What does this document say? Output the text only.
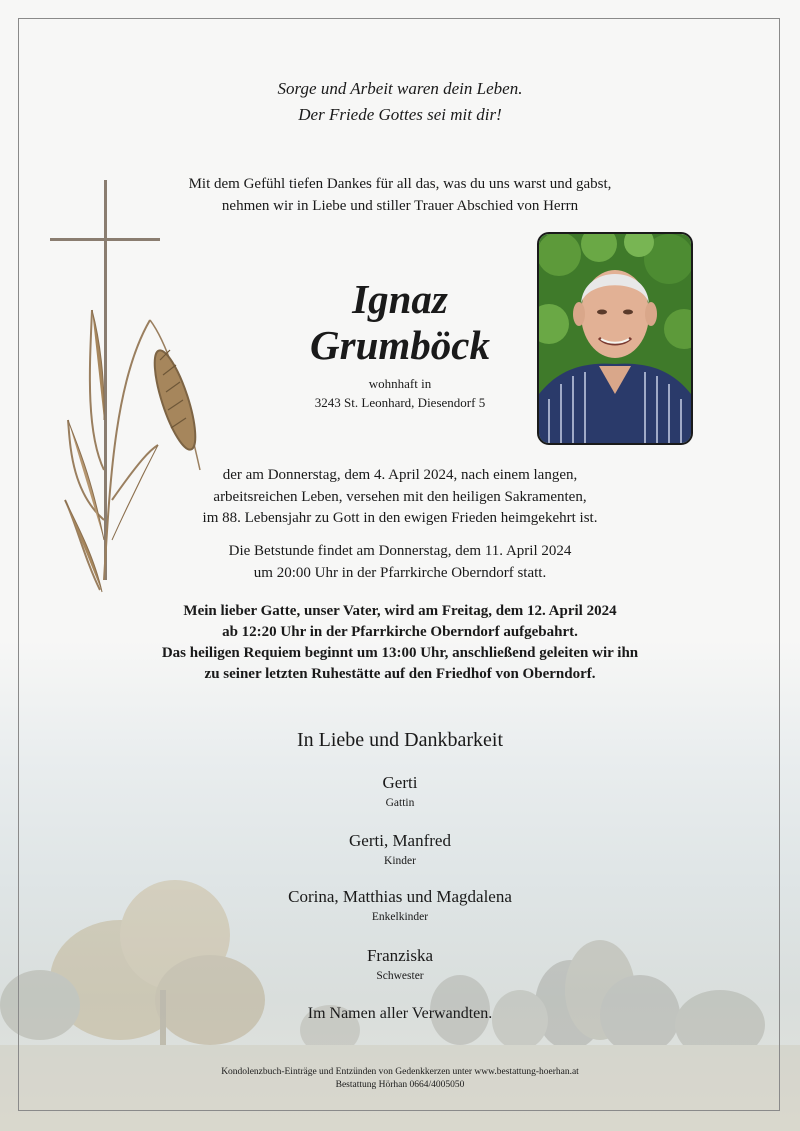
Sorge und Arbeit waren dein Leben.
Der Friede Gottes sei mit dir!
Mit dem Gefühl tiefen Dankes für all das, was du uns warst und gabst,
nehmen wir in Liebe und stiller Trauer Abschied von Herrn
Ignaz
Grumböck
wohnhaft in
3243 St. Leonhard, Diesendorf 5
der am Donnerstag, dem 4. April 2024, nach einem langen,
arbeitsreichen Leben, versehen mit den heiligen Sakramenten,
im 88. Lebensjahr zu Gott in den ewigen Frieden heimgekehrt ist.
Die Betstunde findet am Donnerstag, dem 11. April 2024
um 20:00 Uhr in der Pfarrkirche Oberndorf statt.
Mein lieber Gatte, unser Vater, wird am Freitag, dem 12. April 2024
ab 12:20 Uhr in der Pfarrkirche Oberndorf aufgebahrt.
Das heiligen Requiem beginnt um 13:00 Uhr, anschließend geleiten wir ihn
zu seiner letzten Ruhestätte auf den Friedhof von Oberndorf.
In Liebe und Dankbarkeit
Gerti
Gattin
Gerti, Manfred
Kinder
Corina, Matthias und Magdalena
Enkelkinder
Franziska
Schwester
Im Namen aller Verwandten.
Kondolenzbuch-Einträge und Entzünden von Gedenkkerzen unter www.bestattung-hoerhan.at
Bestattung Hörhan 0664/4005050
